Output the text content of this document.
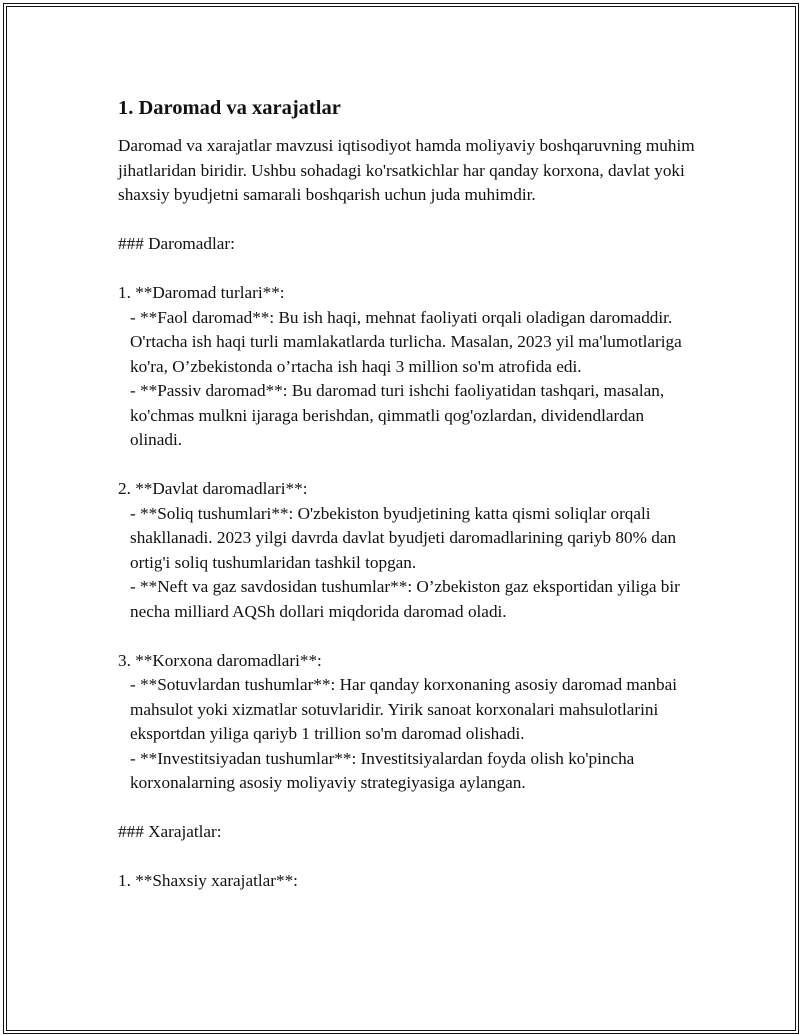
1. Daromad va xarajatlar

Daromad va xarajatlar mavzusi iqtisodiyot hamda moliyaviy boshqaruvning muhim jihatlaridan biridir. Ushbu sohadagi ko'rsatkichlar har qanday korxona, davlat yoki shaxsiy byudjetni samarali boshqarish uchun juda muhimdir.

### Daromadlar:

1. **Daromad turlari**:

- **Faol daromad**: Bu ish haqi, mehnat faoliyati orqali oladigan daromaddir. O'rtacha ish haqi turli mamlakatlarda turlicha. Masalan, 2023 yil ma'lumotlariga ko'ra, O’zbekistonda o’rtacha ish haqi 3 million so'm atrofida edi.

- **Passiv daromad**: Bu daromad turi ishchi faoliyatidan tashqari, masalan, ko'chmas mulkni ijaraga berishdan, qimmatli qog'ozlardan, dividendlardan olinadi.

2. **Davlat daromadlari**:

- **Soliq tushumlari**: O'zbekiston byudjetining katta qismi soliqlar orqali shakllanadi. 2023 yilgi davrda davlat byudjeti daromadlarining qariyb 80% dan ortig'i soliq tushumlaridan tashkil topgan.

- **Neft va gaz savdosidan tushumlar**: O’zbekiston gaz eksportidan yiliga bir necha milliard AQSh dollari miqdorida daromad oladi.

3. **Korxona daromadlari**:

- **Sotuvlardan tushumlar**: Har qanday korxonaning asosiy daromad manbai mahsulot yoki xizmatlar sotuvlaridir. Yirik sanoat korxonalari mahsulotlarini eksportdan yiliga qariyb 1 trillion so'm daromad olishadi.

- **Investitsiyadan tushumlar**: Investitsiyalardan foyda olish ko'pincha korxonalarning asosiy moliyaviy strategiyasiga aylangan.

### Xarajatlar:

1. **Shaxsiy xarajatlar**:
